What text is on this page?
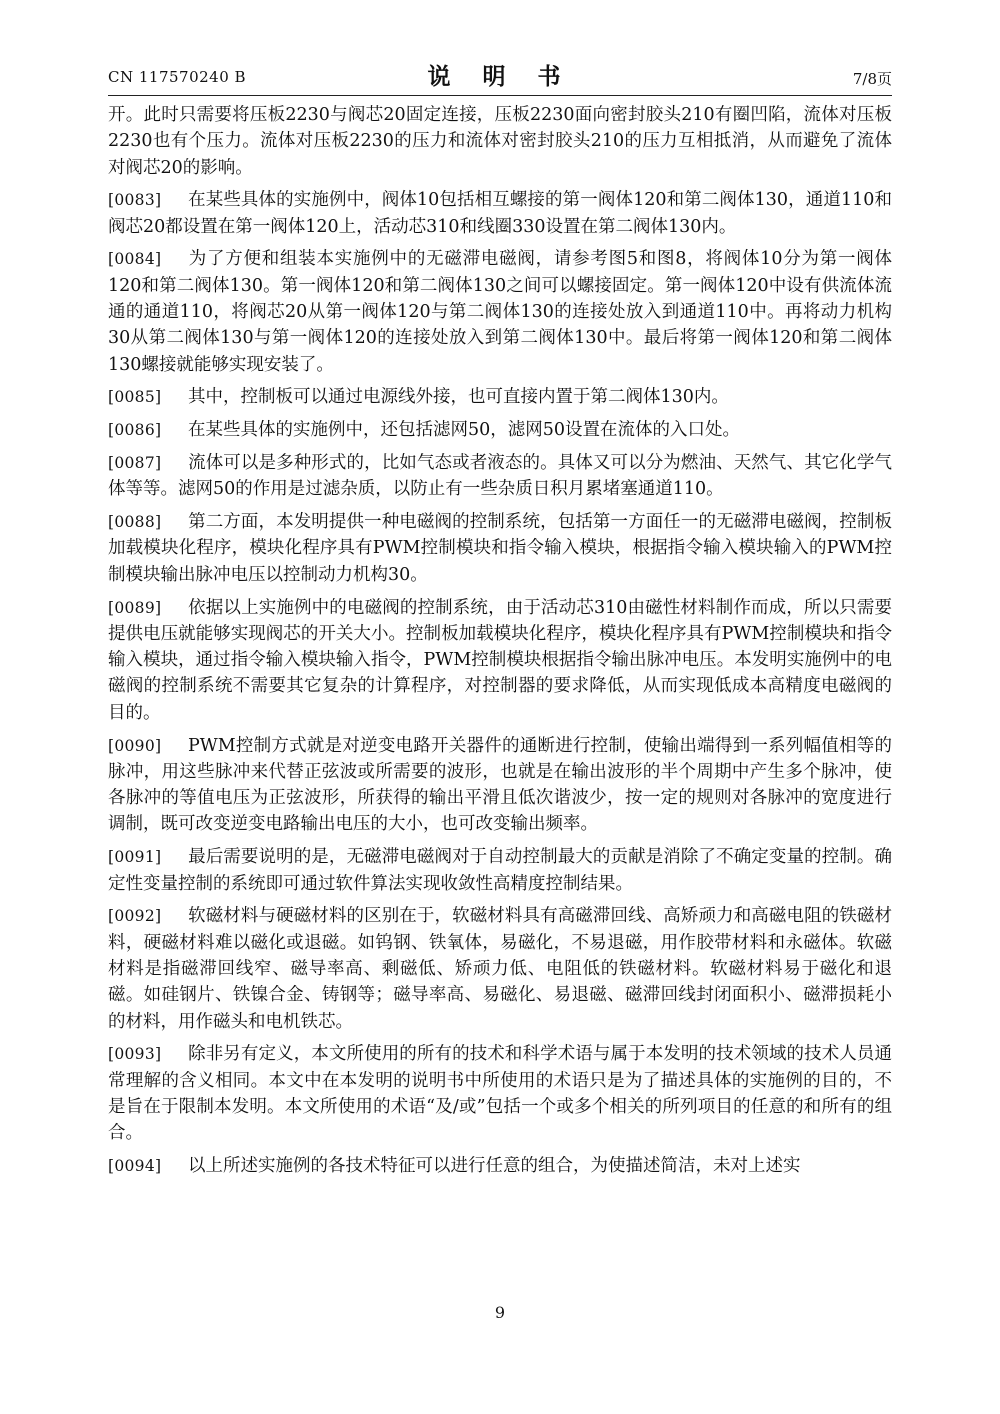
CN 117570240 B	说 明 书	7/8页

开。此时只需要将压板2230与阀芯20固定连接，压板2230面向密封胶头210有圈凹陷，流体对压板2230也有个压力。流体对压板2230的压力和流体对密封胶头210的压力互相抵消，从而避免了流体对阀芯20的影响。

[0083] 在某些具体的实施例中，阀体10包括相互螺接的第一阀体120和第二阀体130，通道110和阀芯20都设置在第一阀体120上，活动芯310和线圈330设置在第二阀体130内。

[0084] 为了方便和组装本实施例中的无磁滞电磁阀，请参考图5和图8，将阀体10分为第一阀体120和第二阀体130。第一阀体120和第二阀体130之间可以螺接固定。第一阀体120中设有供流体流通的通道110，将阀芯20从第一阀体120与第二阀体130的连接处放入到通道110中。再将动力机构30从第二阀体130与第一阀体120的连接处放入到第二阀体130中。最后将第一阀体120和第二阀体130螺接就能够实现安装了。

[0085] 其中，控制板可以通过电源线外接，也可直接内置于第二阀体130内。

[0086] 在某些具体的实施例中，还包括滤网50，滤网50设置在流体的入口处。

[0087] 流体可以是多种形式的，比如气态或者液态的。具体又可以分为燃油、天然气、其它化学气体等等。滤网50的作用是过滤杂质，以防止有一些杂质日积月累堵塞通道110。

[0088] 第二方面，本发明提供一种电磁阀的控制系统，包括第一方面任一的无磁滞电磁阀，控制板加载模块化程序，模块化程序具有PWM控制模块和指令输入模块，根据指令输入模块输入的PWM控制模块输出脉冲电压以控制动力机构30。

[0089] 依据以上实施例中的电磁阀的控制系统，由于活动芯310由磁性材料制作而成，所以只需要提供电压就能够实现阀芯的开关大小。控制板加载模块化程序，模块化程序具有PWM控制模块和指令输入模块，通过指令输入模块输入指令，PWM控制模块根据指令输出脉冲电压。本发明实施例中的电磁阀的控制系统不需要其它复杂的计算程序，对控制器的要求降低，从而实现低成本高精度电磁阀的目的。

[0090] PWM控制方式就是对逆变电路开关器件的通断进行控制，使输出端得到一系列幅值相等的脉冲，用这些脉冲来代替正弦波或所需要的波形，也就是在输出波形的半个周期中产生多个脉冲，使各脉冲的等值电压为正弦波形，所获得的输出平滑且低次谐波少，按一定的规则对各脉冲的宽度进行调制，既可改变逆变电路输出电压的大小，也可改变输出频率。

[0091] 最后需要说明的是，无磁滞电磁阀对于自动控制最大的贡献是消除了不确定变量的控制。确定性变量控制的系统即可通过软件算法实现收敛性高精度控制结果。

[0092] 软磁材料与硬磁材料的区别在于，软磁材料具有高磁滞回线、高矫顽力和高磁电阻的铁磁材料，硬磁材料难以磁化或退磁。如钨钢、铁氧体，易磁化，不易退磁，用作胶带材料和永磁体。软磁材料是指磁滞回线窄、磁导率高、剩磁低、矫顽力低、电阻低的铁磁材料。软磁材料易于磁化和退磁。如硅钢片、铁镍合金、铸钢等；磁导率高、易磁化、易退磁、磁滞回线封闭面积小、磁滞损耗小的材料，用作磁头和电机铁芯。

[0093] 除非另有定义，本文所使用的所有的技术和科学术语与属于本发明的技术领域的技术人员通常理解的含义相同。本文中在本发明的说明书中所使用的术语只是为了描述具体的实施例的目的，不是旨在于限制本发明。本文所使用的术语“及/或”包括一个或多个相关的所列项目的任意的和所有的组合。

[0094] 以上所述实施例的各技术特征可以进行任意的组合，为使描述简洁，未对上述实

9
